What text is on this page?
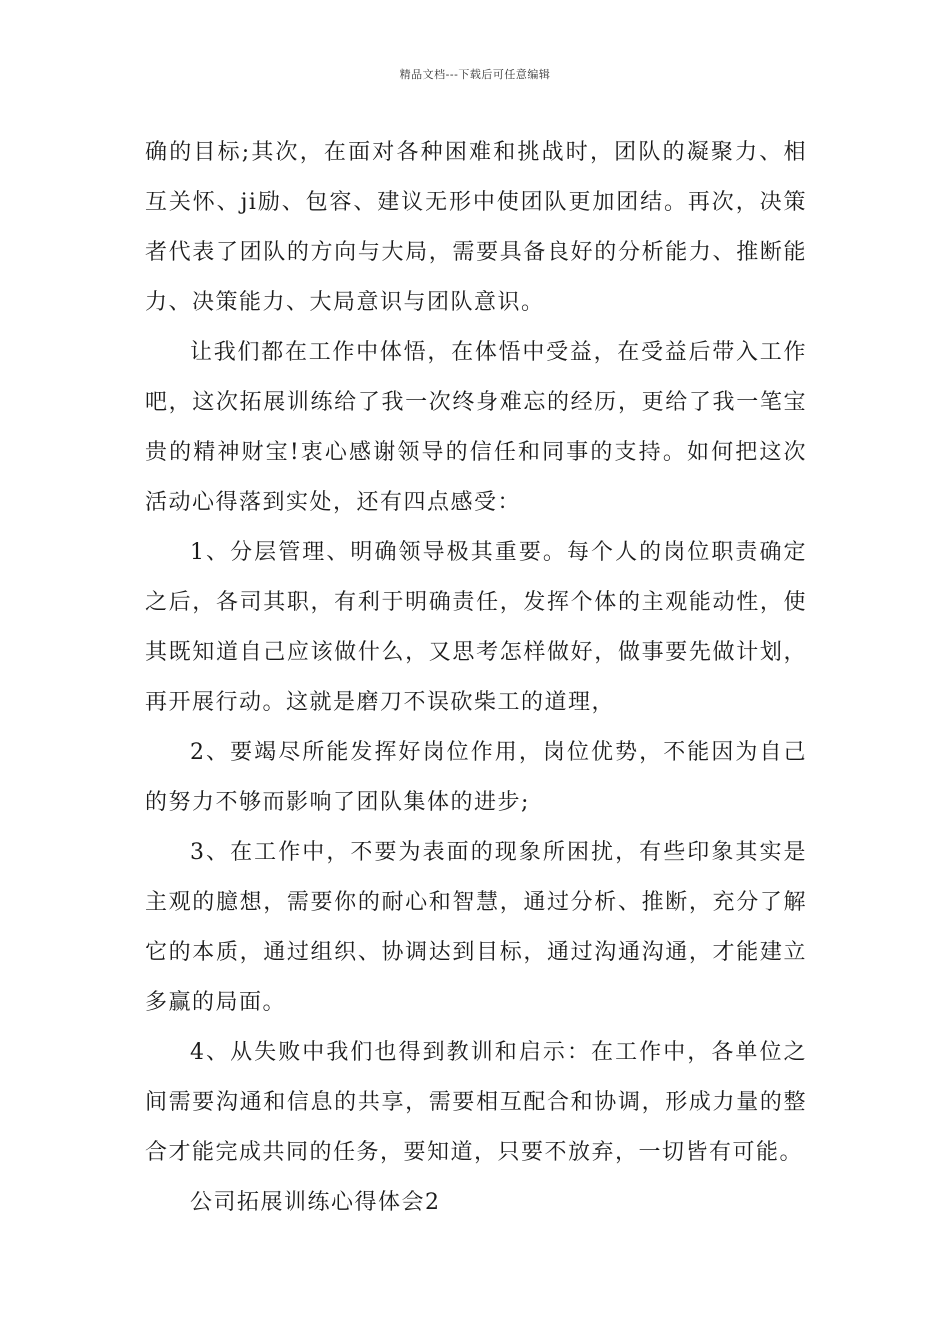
精品文档---下载后可任意编辑

确的目标;其次，在面对各种困难和挑战时，团队的凝聚力、相互关怀、ji励、包容、建议无形中使团队更加团结。再次，决策者代表了团队的方向与大局，需要具备良好的分析能力、推断能力、决策能力、大局意识与团队意识。

让我们都在工作中体悟，在体悟中受益，在受益后带入工作吧，这次拓展训练给了我一次终身难忘的经历，更给了我一笔宝贵的精神财宝!衷心感谢领导的信任和同事的支持。如何把这次活动心得落到实处，还有四点感受：

1、分层管理、明确领导极其重要。每个人的岗位职责确定之后，各司其职，有利于明确责任，发挥个体的主观能动性，使其既知道自己应该做什么，又思考怎样做好，做事要先做计划，再开展行动。这就是磨刀不误砍柴工的道理，

2、要竭尽所能发挥好岗位作用，岗位优势，不能因为自己的努力不够而影响了团队集体的进步;

3、在工作中，不要为表面的现象所困扰，有些印象其实是主观的臆想，需要你的耐心和智慧，通过分析、推断，充分了解它的本质，通过组织、协调达到目标，通过沟通沟通，才能建立多赢的局面。

4、从失败中我们也得到教训和启示：在工作中，各单位之间需要沟通和信息的共享，需要相互配合和协调，形成力量的整合才能完成共同的任务，要知道，只要不放弃，一切皆有可能。

公司拓展训练心得体会2
